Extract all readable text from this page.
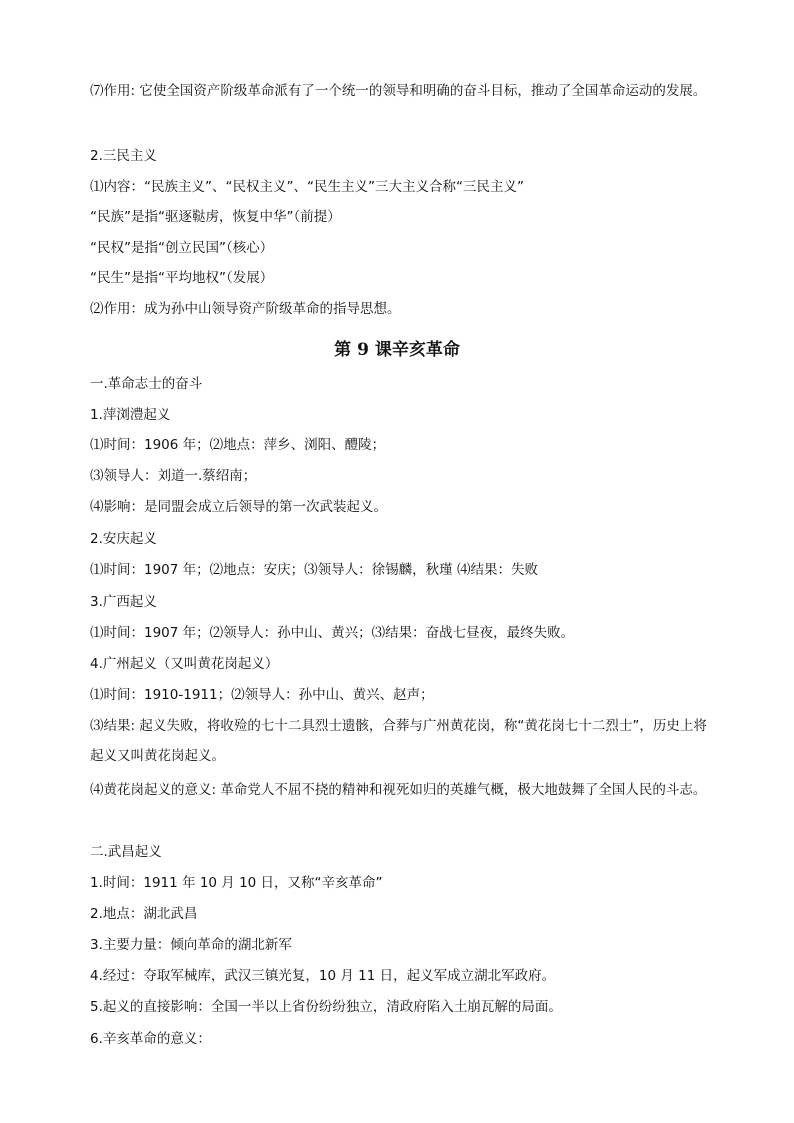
⑺作用: 它使全国资产阶级革命派有了一个统一的领导和明确的奋斗目标，推动了全国革命运动的发展。
2.三民主义
⑴内容：“民族主义”、“民权主义”、“民生主义”三大主义合称“三民主义”
“民族”是指“驱逐鞑虏，恢复中华”（前提）
“民权”是指“创立民国”（核心）
“民生”是指“平均地权”（发展）
⑵作用：成为孙中山领导资产阶级革命的指导思想。
第 9 课辛亥革命
一.革命志士的奋斗
1.萍浏澧起义
⑴时间：1906 年；⑵地点：萍乡、浏阳、醴陵；
⑶领导人：刘道一.蔡绍南；
⑷影响：是同盟会成立后领导的第一次武装起义。
2.安庆起义
⑴时间：1907 年；⑵地点：安庆；⑶领导人：徐锡麟，秋瑾 ⑷结果：失败
3.广西起义
⑴时间：1907 年；⑵领导人：孙中山、黄兴；⑶结果：奋战七昼夜，最终失败。
4.广州起义（又叫黄花岗起义）
⑴时间：1910-1911；⑵领导人：孙中山、黄兴、赵声；
⑶结果: 起义失败，将收殓的七十二具烈士遗骸，合葬与广州黄花岗，称“黄花岗七十二烈士”，历史上将起义又叫黄花岗起义。
⑷黄花岗起义的意义: 革命党人不屈不挠的精神和视死如归的英雄气概，极大地鼓舞了全国人民的斗志。
二.武昌起义
1.时间：1911 年 10 月 10 日，又称“辛亥革命”
2.地点：湖北武昌
3.主要力量：倾向革命的湖北新军
4.经过：夺取军械库，武汉三镇光复，10 月 11 日，起义军成立湖北军政府。
5.起义的直接影响：全国一半以上省份纷纷独立，清政府陷入土崩瓦解的局面。
6.辛亥革命的意义：
